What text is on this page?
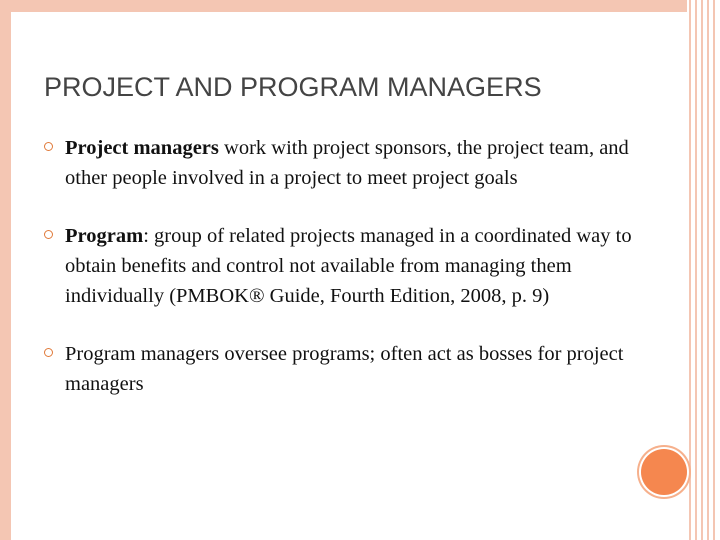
PROJECT AND PROGRAM MANAGERS
Project managers work with project sponsors, the project team, and other people involved in a project to meet project goals
Program: group of related projects managed in a coordinated way to obtain benefits and control not available from managing them individually (PMBOK® Guide, Fourth Edition, 2008, p. 9)
Program managers oversee programs; often act as bosses for project managers
